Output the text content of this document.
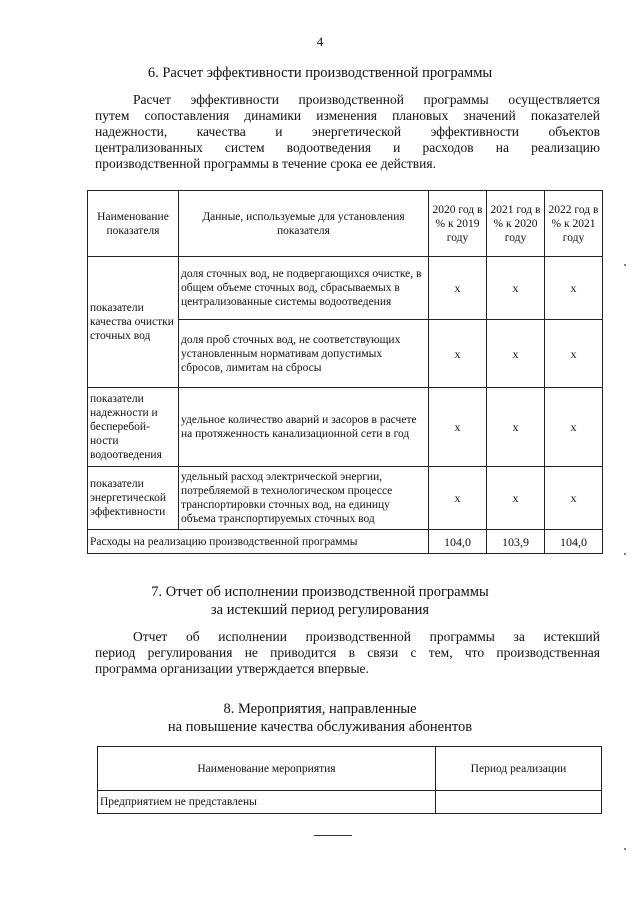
4
6. Расчет эффективности производственной программы
Расчет эффективности производственной программы осуществляется
путем сопоставления динамики изменения плановых значений показателей
надежности, качества и энергетической эффективности объектов
централизованных систем водоотведения и расходов на реализацию
производственной программы в течение срока ее действия.
Наименование показателя	Данные, используемые для установления показателя	2020 год в % к 2019 году	2021 год в % к 2020 году	2022 год в % к 2021 году
показатели качества очистки сточных вод	доля сточных вод, не подвергающихся очистке, в общем объеме сточных вод, сбрасываемых в централизованные системы водоотведения	х	х	х
	доля проб сточных вод, не соответствующих установленным нормативам допустимых сбросов, лимитам на сбросы	х	х	х
показатели надежности и бесперебой-ности водоотведения	удельное количество аварий и засоров в расчете на протяженность канализационной сети в год	х	х	х
показатели энергетической эффективности	удельный расход электрической энергии, потребляемой в технологическом процессе транспортировки сточных вод, на единицу объема транспортируемых сточных вод	х	х	х
Расходы на реализацию производственной программы		104,0	103,9	104,0
7. Отчет об исполнении производственной программы
за истекший период регулирования
Отчет об исполнении производственной программы за истекший
период регулирования не приводится в связи с тем, что производственная
программа организации утверждается впервые.
8. Мероприятия, направленные
на повышение качества обслуживания абонентов
Наименование мероприятия	Период реализации
Предприятием не представлены	
